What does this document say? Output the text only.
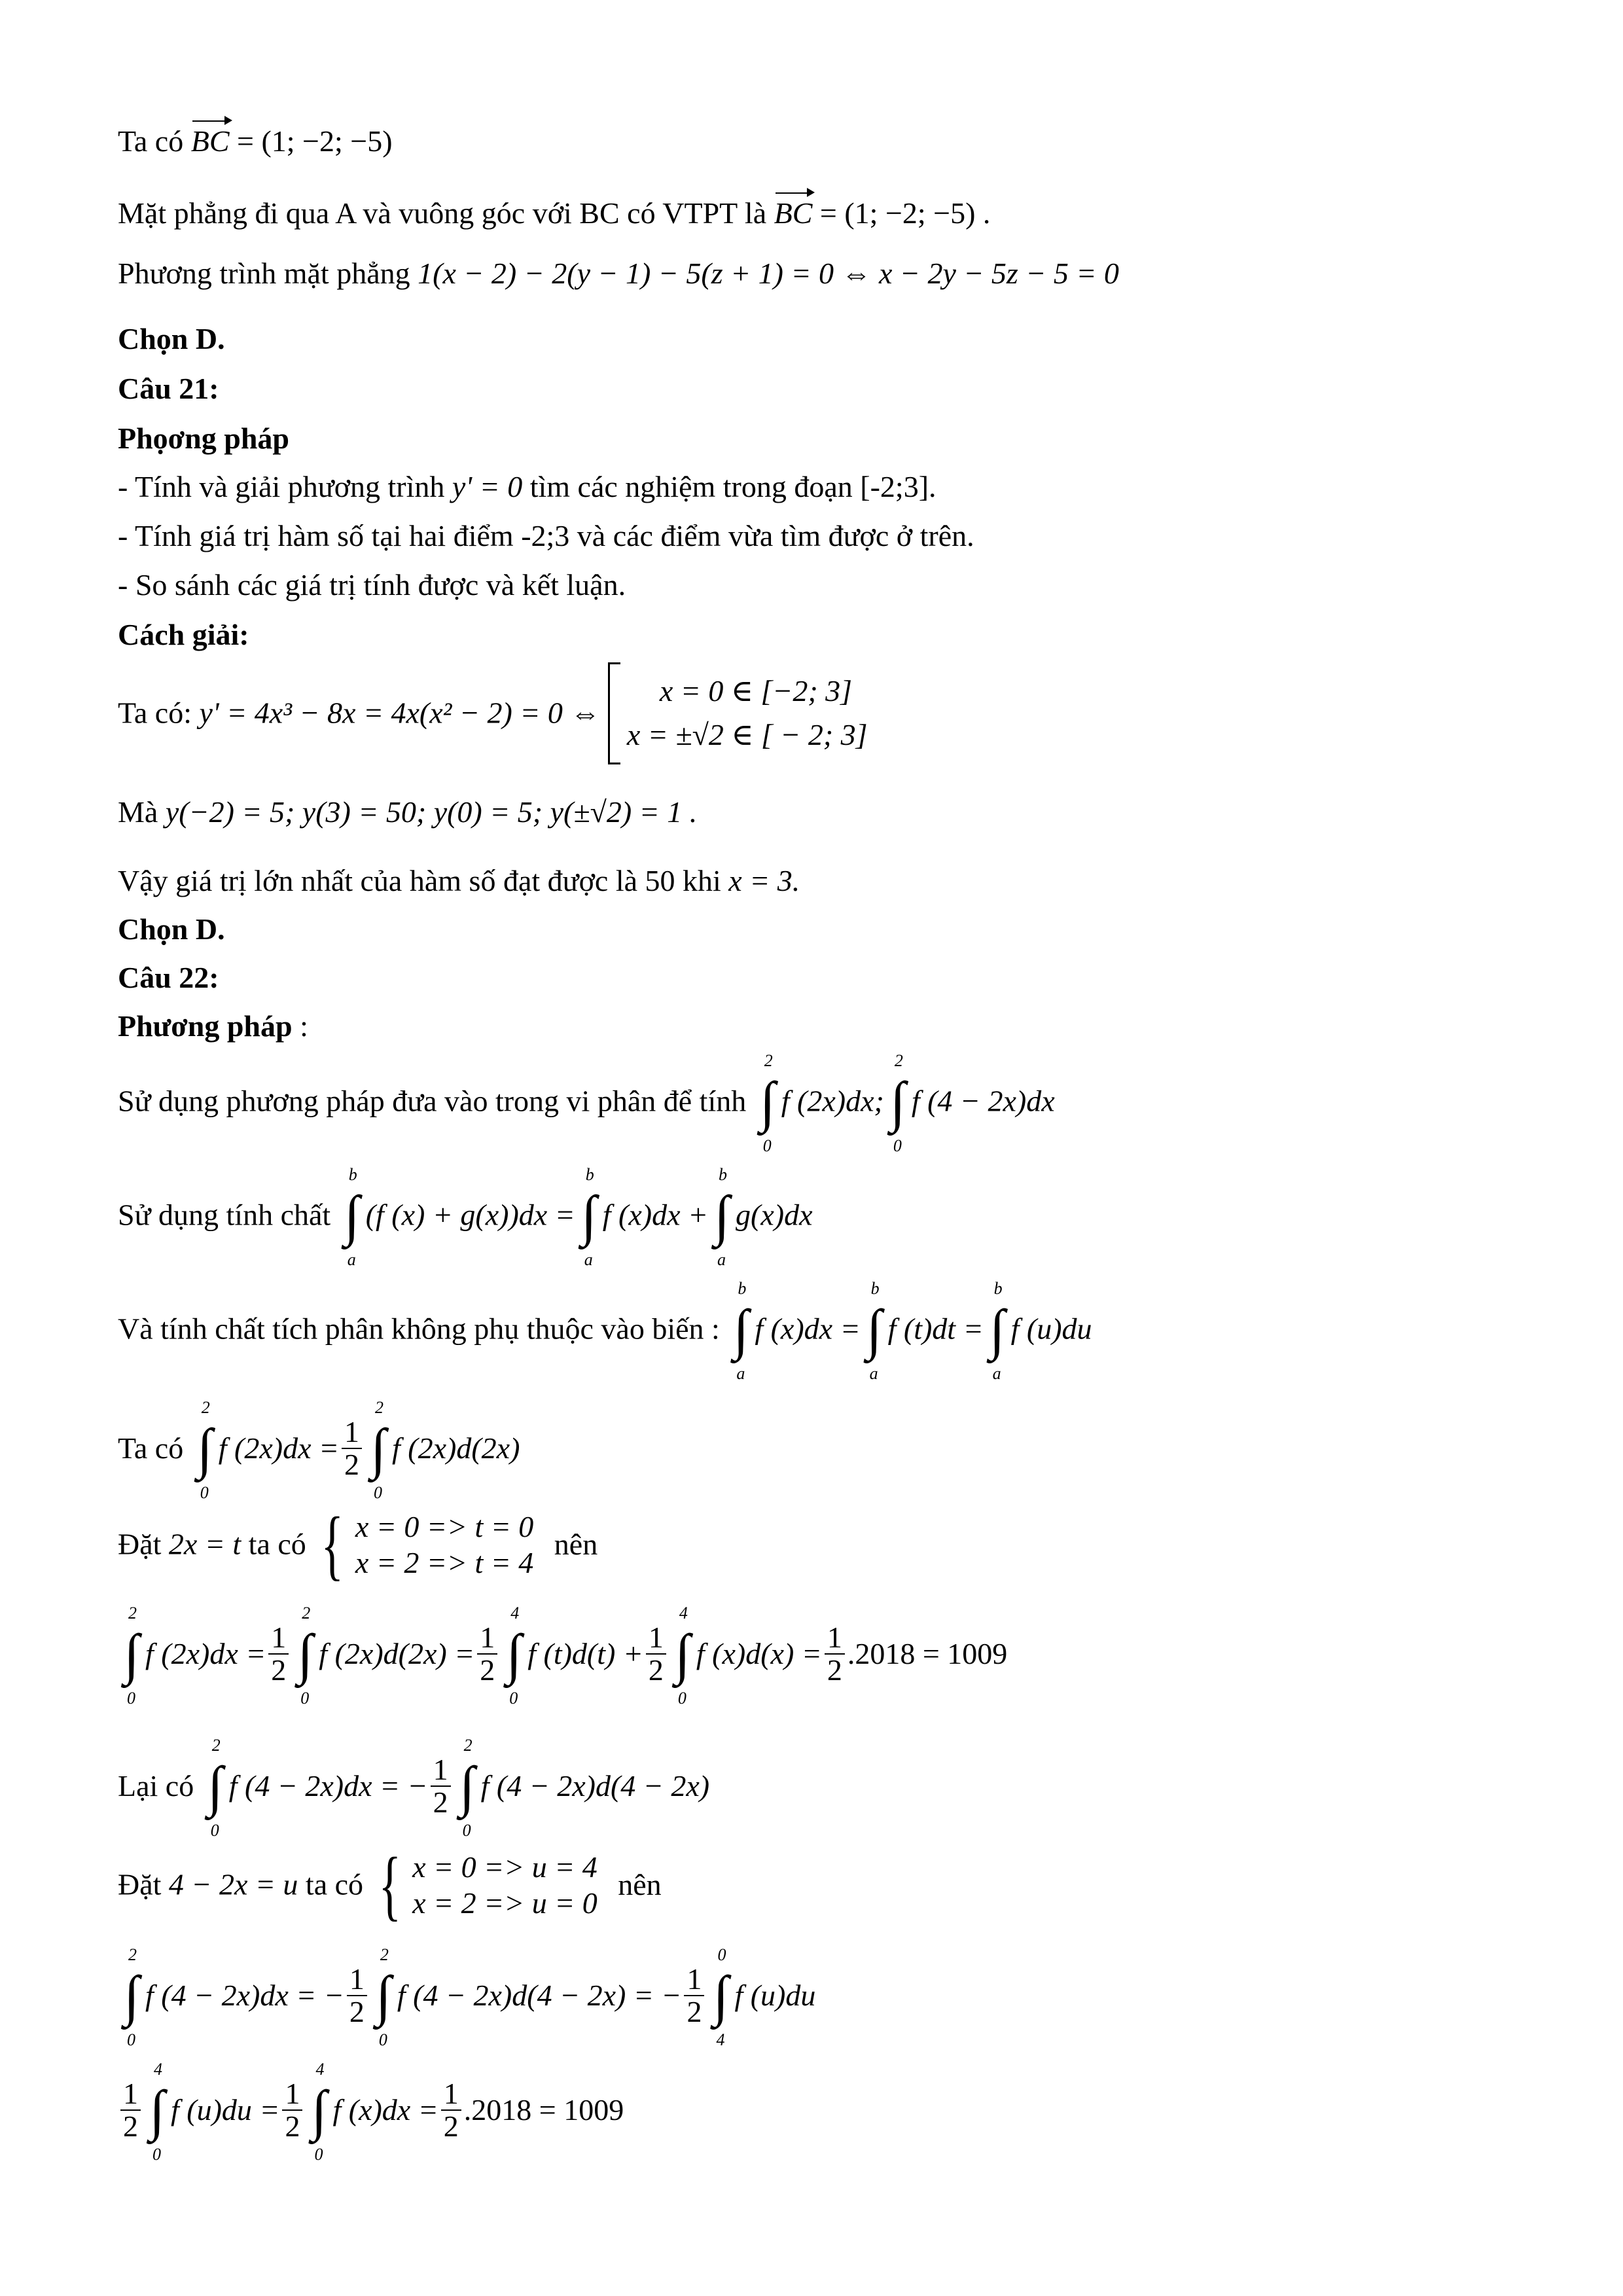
Ta có BC = (1; −2; −5)
Mặt phẳng đi qua A và vuông góc với BC có VTPT là BC = (1; −2; −5) .
Phương trình mặt phẳng 1(x − 2) − 2(y − 1) − 5(z + 1) = 0 ⇔ x − 2y − 5z − 5 = 0
Chọn D.
Câu 21:
Phọơng pháp
- Tính và giải phương trình y' = 0 tìm các nghiệm trong đoạn [-2;3].
- Tính giá trị hàm số tại hai điểm -2;3 và các điểm vừa tìm được ở trên.
- So sánh các giá trị tính được và kết luận.
Cách giải:
Ta có: y' = 4x³ − 8x = 4x(x² − 2) = 0 ⇔
x = 0 ∈ [−2; 3]
x = ±√2 ∈ [ − 2; 3]
Mà y(−2) = 5; y(3) = 50; y(0) = 5; y(±√2) = 1 .
Vậy giá trị lớn nhất của hàm số đạt được là 50 khi x = 3.
Chọn D.
Câu 22:
Phương pháp :
Sử dụng phương pháp đưa vào trong vi phân để tính
2
∫
0
f (2x)dx;
2
∫
0
f (4 − 2x)dx
Sử dụng tính chất
b
∫
a
(f (x) + g(x))dx =
b
∫
a
f (x)dx +
b
∫
a
g(x)dx
Và tính chất tích phân không phụ thuộc vào biến :
b
∫
a
f (x)dx =
b
∫
a
f (t)dt =
b
∫
a
f (u)du
Ta có
2
∫
0
f $(2x)dx = \frac{1}{2}$
2
∫
0
f (2x)d(2x)
Đặt 2x = t ta có { x = 0 => t = 0
x = 2 => t = 4
nên
2
∫
0
f $(2x)dx = \frac{1}{2}$
2
∫
0
f $(2x)d(2x) = \frac{1}{2}$
4
∫
0
f $(t)d(t) + \frac{1}{2}$
4
∫
0
f $(x)d(x) = \frac{1}{2} .2018 = 1009$
Lại có
2
∫
0
f (4 − 2x)dx = − $\frac{1}{2}$
2
∫
0
f (4 − 2x)d(4 − 2x)
Đặt 4 − 2x = u ta có { x = 0 => u = 4
x = 2 => u = 0
nên
2
∫
0
f (4 − 2x)dx = − $\frac{1}{2}$
2
∫
0
f (4 − 2x)d(4 − 2x) = − $\frac{1}{2}$
0
∫
4
f (u)du
$\frac{1}{2}$
4
∫
0
f $(u)du = \frac{1}{2}$
4
∫
0
f $(x)dx = \frac{1}{2} .2018 = 1009$
